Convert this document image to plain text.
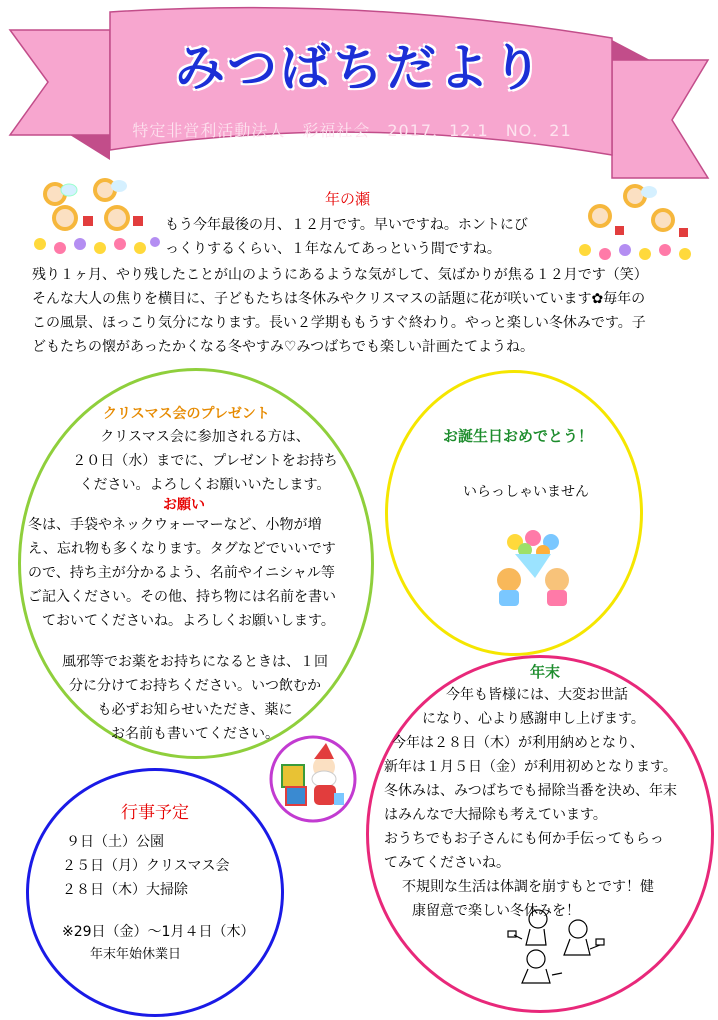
みつばちだより
特定非営利活動法人　彩福社会　2017．12.1　NO．21
年の瀬
もう今年最後の月、１２月です。早いですね。ホントにび
っくりするくらい、１年なんてあっという間ですね。
残り１ヶ月、やり残したことが山のようにあるような気がして、気ばかりが焦る１２月です（笑）
そんな大人の焦りを横目に、子どもたちは冬休みやクリスマスの話題に花が咲いています✿毎年の
この風景、ほっこり気分になります。長い２学期ももうすぐ終わり。やっと楽しい冬休みです。子
どもたちの懐があったかくなる冬やすみ♡みつばちでも楽しい計画たてようね。
クリスマス会のプレゼント
クリスマス会に参加される方は、
２０日（水）までに、プレゼントをお持ち
ください。よろしくお願いいたします。
お願い
冬は、手袋やネックウォーマーなど、小物が増
え、忘れ物も多くなります。タグなどでいいです
ので、持ち主が分かるよう、名前やイニシャル等
ご記入ください。その他、持ち物には名前を書い
ておいてくださいね。よろしくお願いします。
風邪等でお薬をお持ちになるときは、１回
分に分けてお持ちください。いつ飲むか
も必ずお知らせいただき、薬に
お名前も書いてください。
お誕生日おめでとう！
いらっしゃいません
行事予定
９日（土）公園
２５日（月）クリスマス会
２８日（木）大掃除
※29日（金）～1月４日（木）
年末年始休業日
年末
今年も皆様には、大変お世話
になり、心より感謝申し上げます。
今年は２８日（木）が利用納めとなり、
新年は１月５日（金）が利用初めとなります。
冬休みは、みつばちでも掃除当番を決め、年末
はみんなで大掃除も考えています。
おうちでもお子さんにも何か手伝ってもらっ
てみてくださいね。
不規則な生活は体調を崩すもとです！健
康留意で楽しい冬休みを！
